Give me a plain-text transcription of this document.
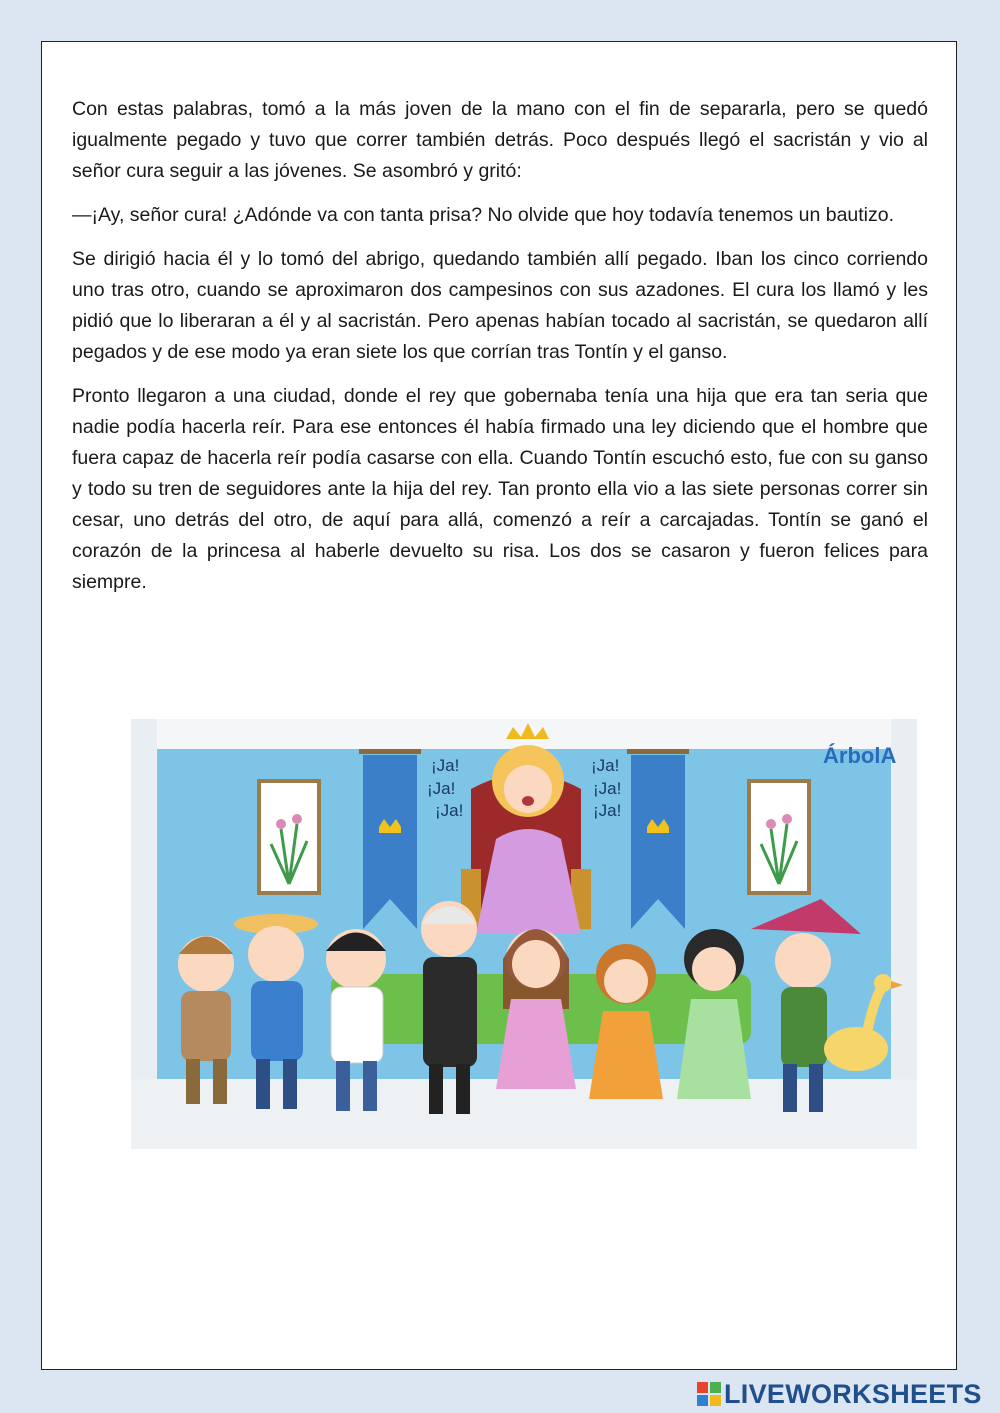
Con estas palabras, tomó a la más joven de la mano con el fin de separarla, pero se quedó igualmente pegado y tuvo que correr también detrás. Poco después llegó el sacristán y vio al señor cura seguir a las jóvenes. Se asombró y gritó:

—¡Ay, señor cura! ¿Adónde va con tanta prisa? No olvide que hoy todavía tenemos un bautizo.

Se dirigió hacia él y lo tomó del abrigo, quedando también allí pegado. Iban los cinco corriendo uno tras otro, cuando se aproximaron dos campesinos con sus azadones. El cura los llamó y les pidió que lo liberaran a él y al sacristán. Pero apenas habían tocado al sacristán, se quedaron allí pegados y de ese modo ya eran siete los que corrían tras Tontín y el ganso.

Pronto llegaron a una ciudad, donde el rey que gobernaba tenía una hija que era tan seria que nadie podía hacerla reír. Para ese entonces él había firmado una ley diciendo que el hombre que fuera capaz de hacerla reír podía casarse con ella. Cuando Tontín escuchó esto, fue con su ganso y todo su tren de seguidores ante la hija del rey. Tan pronto ella vio a las siete personas correr sin cesar, uno detrás del otro, de aquí para allá, comenzó a reír a carcajadas. Tontín se ganó el corazón de la princesa al haberle devuelto su risa. Los dos se casaron y fueron felices para siempre.

¡Ja!
¡Ja!
¡Ja!
¡Ja!
¡Ja!
¡Ja!
ÁrbolA
LIVEWORKSHEETS
